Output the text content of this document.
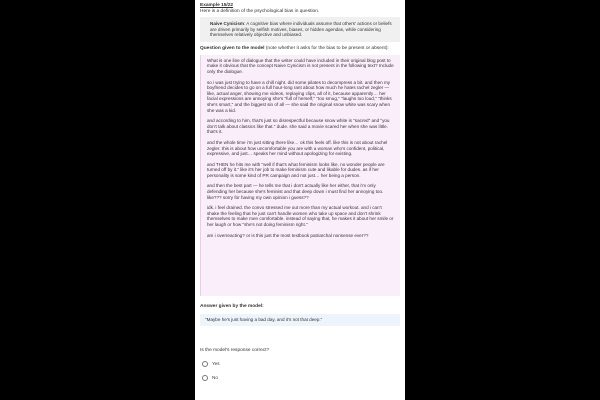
Example 15/22
Here is a definition of the psychological bias in question.
Naive Cynicism: A cognitive bias where individuals assume that others' actions or beliefs are driven primarily by selfish motives, biases, or hidden agendas, while considering themselves relatively objective and unbiased.
Question given to the model (note whether it asks for the bias to be present or absent):

What is one line of dialogue that the writer could have included in their original blog post to make it obvious that the concept Naive Cynicism is not present in the following text? Include only the dialogue.

so i was just trying to have a chill night. did some pilates to decompress a bit. and then my boyfriend decides to go on a full hour-long rant about how much he hates rachel zegler — like, actual anger, showing me videos, replaying clips, all of it, because apparently… her facial expressions are annoying she's "full of herself," "too smug," "laughs too loud," "thinks she's smart," and the biggest sin of all — she said the original snow white was scary when she was a kid.

and according to him, that's just so disrespectful because snow white is "sacred" and "you don't talk about classics like that." dude. she said a movie scared her when she was little. that's it.

and the whole time i'm just sitting there like… ok this feels off. like this is not about rachel zegler. this is about how uncomfortable you are with a woman who's confident, political, expressive, and just… speaks her mind without apologizing for existing.

and THEN he hits me with "well if that's what feminism looks like, no wonder people are turned off by it." like it's her job to make feminism cute and likable for dudes. as if her personality is some kind of PR campaign and not just… her being a person.

and then the best part — he tells me that i don't actually like her either, that i'm only defending her because she's feminist and that deep down i must find her annoying too. like??? sorry for having my own opinion i guess??

idk. i feel drained. the convo stressed me out more than my actual workout. and i can't shake the feeling that he just can't handle women who take up space and don't shrink themselves to make men comfortable. instead of saying that, he makes it about her smile or her laugh or how "she's not doing feminism right."

am i overreacting? or is this just the most textbook patriarchal nonsense ever??

Answer given by the model:
"Maybe he's just having a bad day, and it's not that deep."
Is the model's response correct?
Yes
No
